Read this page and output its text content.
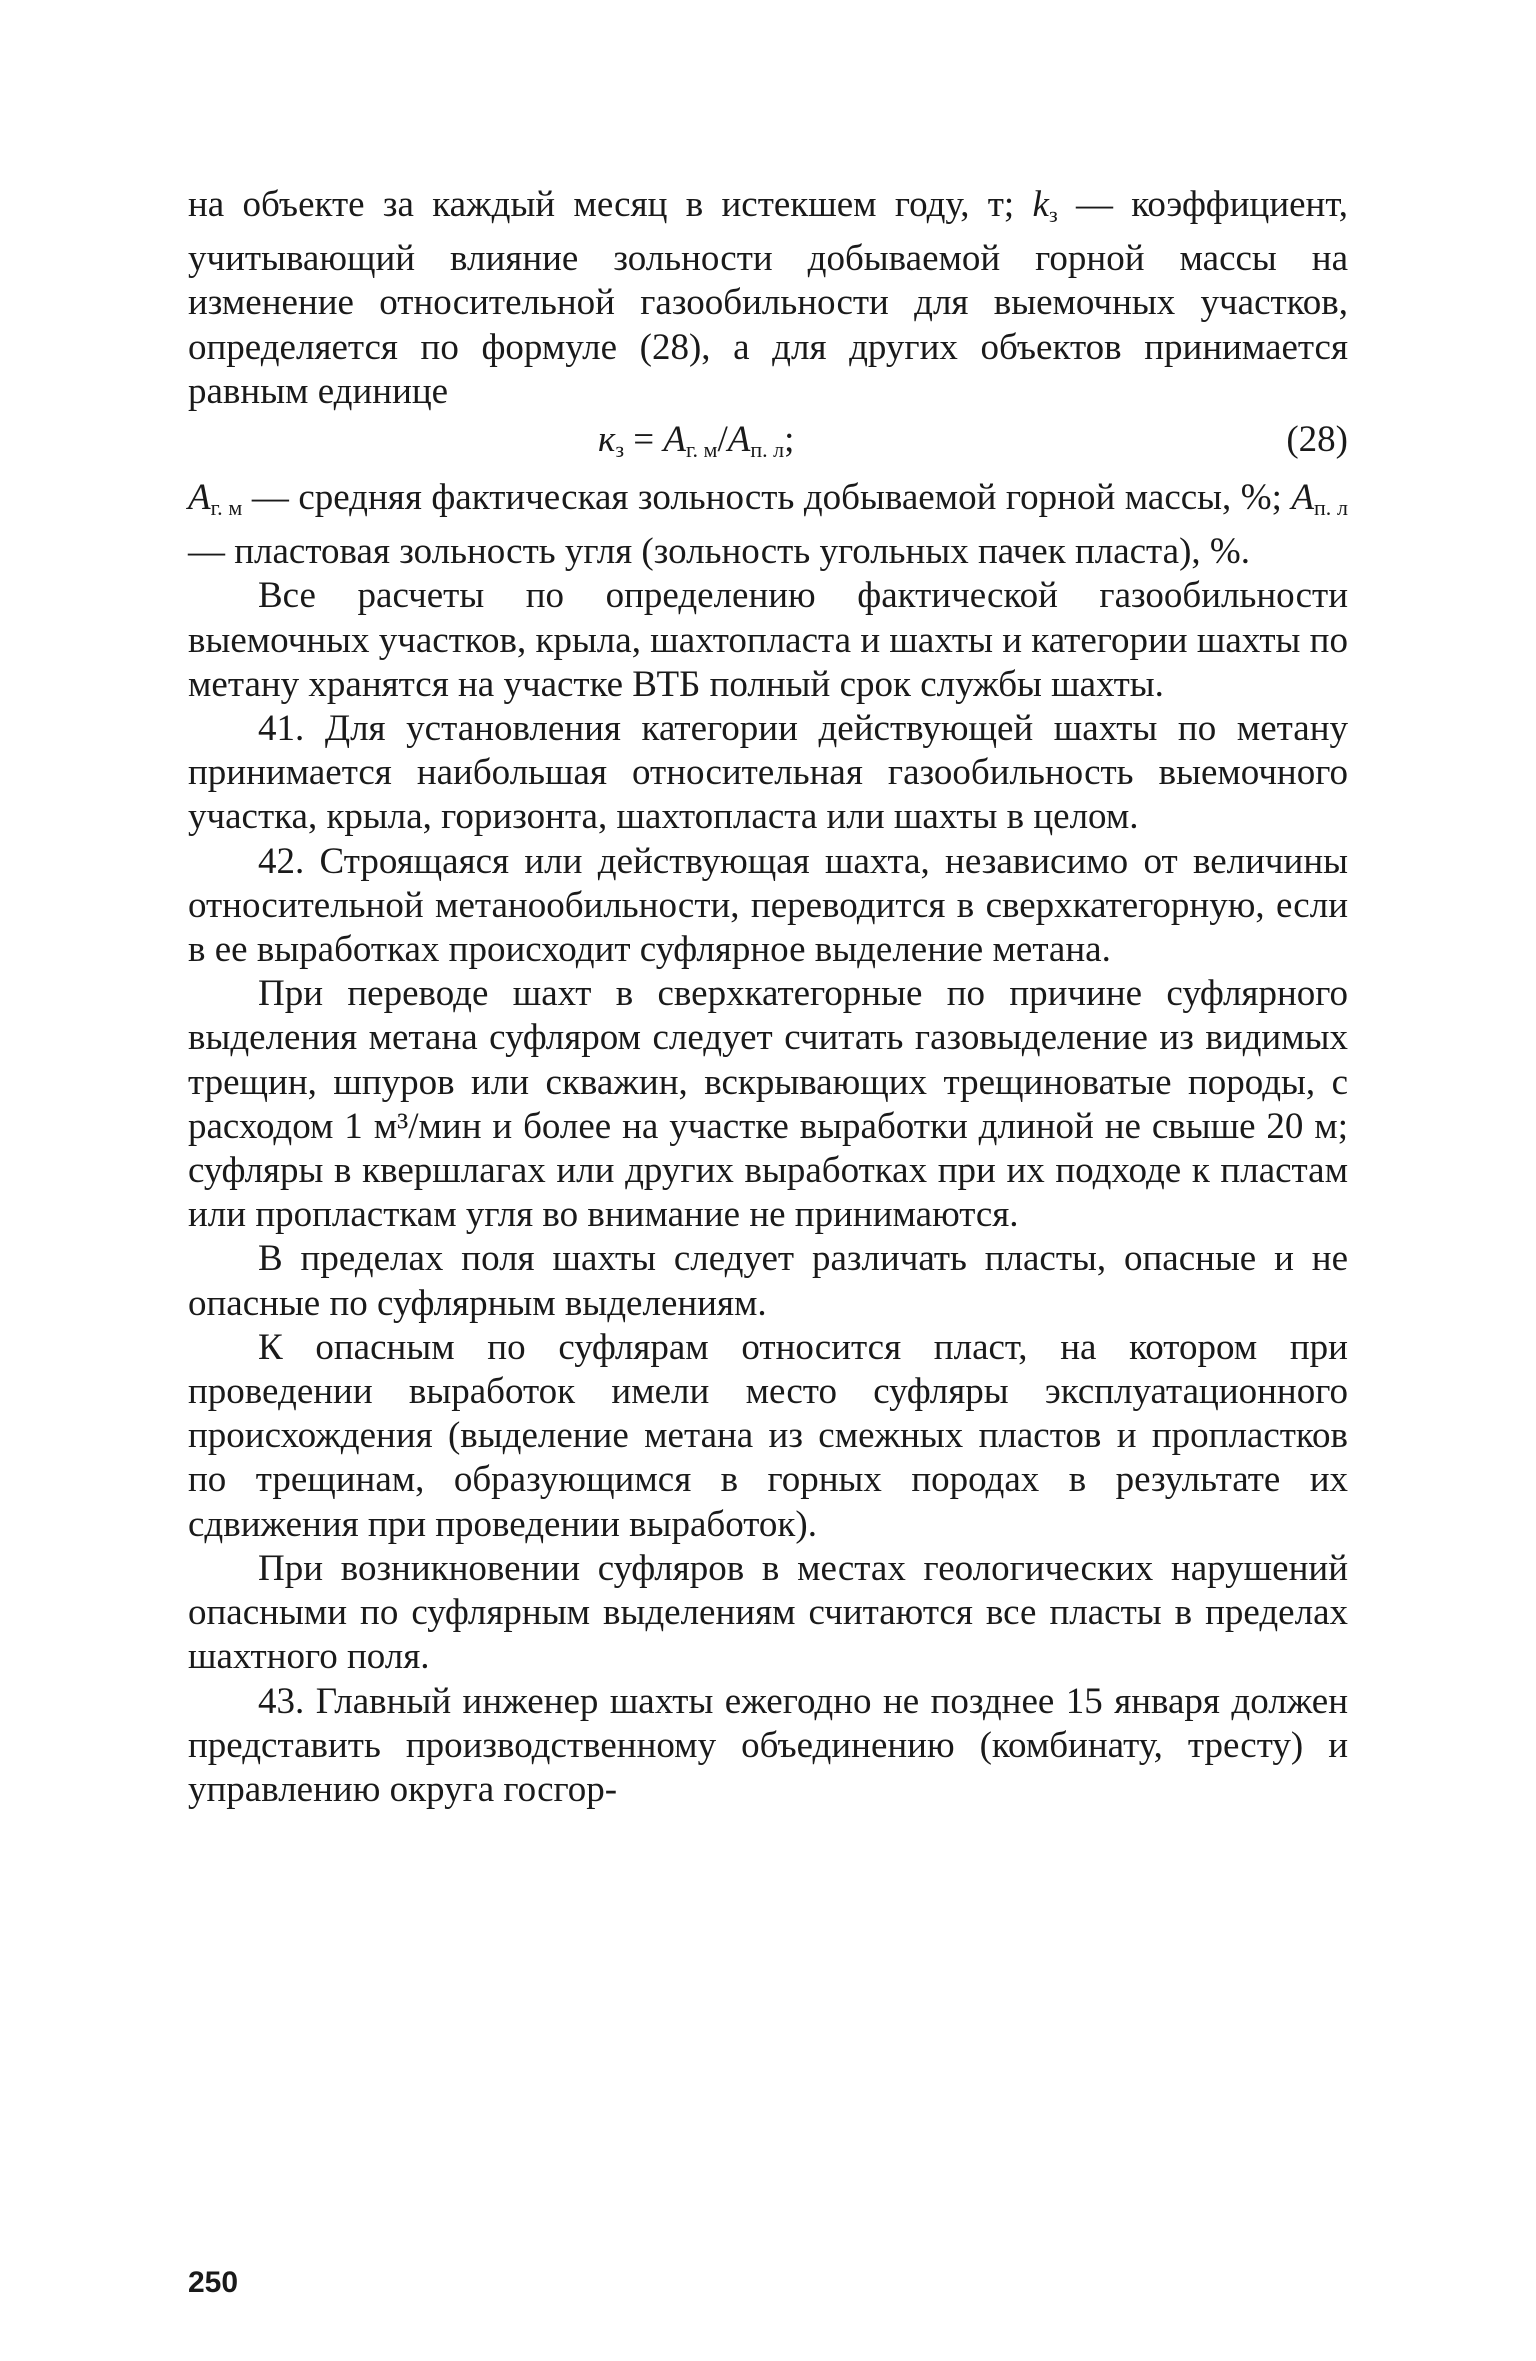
на объекте за каждый месяц в истекшем году, т; $k_з$ — коэффициент, учитывающий влияние зольности добываемой горной массы на изменение относительной газообильности для выемочных участков, определяется по формуле (28), а для других объектов принимается равным единице

$к_з = А_{г. м}/А_{п. л}$;	(28)

$А_{г. м}$ — средняя фактическая зольность добываемой горной массы, %; $А_{п. л}$ — пластовая зольность угля (зольность угольных пачек пласта), %.

Все расчеты по определению фактической газообильности выемочных участков, крыла, шахтопласта и шахты и категории шахты по метану хранятся на участке ВТБ полный срок службы шахты.

41. Для установления категории действующей шахты по метану принимается наибольшая относительная газообильность выемочного участка, крыла, горизонта, шахтопласта или шахты в целом.

42. Строящаяся или действующая шахта, независимо от величины относительной метанообильности, переводится в сверхкатегорную, если в ее выработках происходит суфлярное выделение метана.

При переводе шахт в сверхкатегорные по причине суфлярного выделения метана суфляром следует считать газовыделение из видимых трещин, шпуров или скважин, вскрывающих трещиноватые породы, с расходом 1 м³/мин и более на участке выработки длиной не свыше 20 м; суфляры в квершлагах или других выработках при их подходе к пластам или пропласткам угля во внимание не принимаются.

В пределах поля шахты следует различать пласты, опасные и не опасные по суфлярным выделениям.

К опасным по суфлярам относится пласт, на котором при проведении выработок имели место суфляры эксплуатационного происхождения (выделение метана из смежных пластов и пропластков по трещинам, образующимся в горных породах в результате их сдвижения при проведении выработок).

При возникновении суфляров в местах геологических нарушений опасными по суфлярным выделениям считаются все пласты в пределах шахтного поля.

43. Главный инженер шахты ежегодно не позднее 15 января должен представить производственному объединению (комбинату, тресту) и управлению округа госгор-

250
